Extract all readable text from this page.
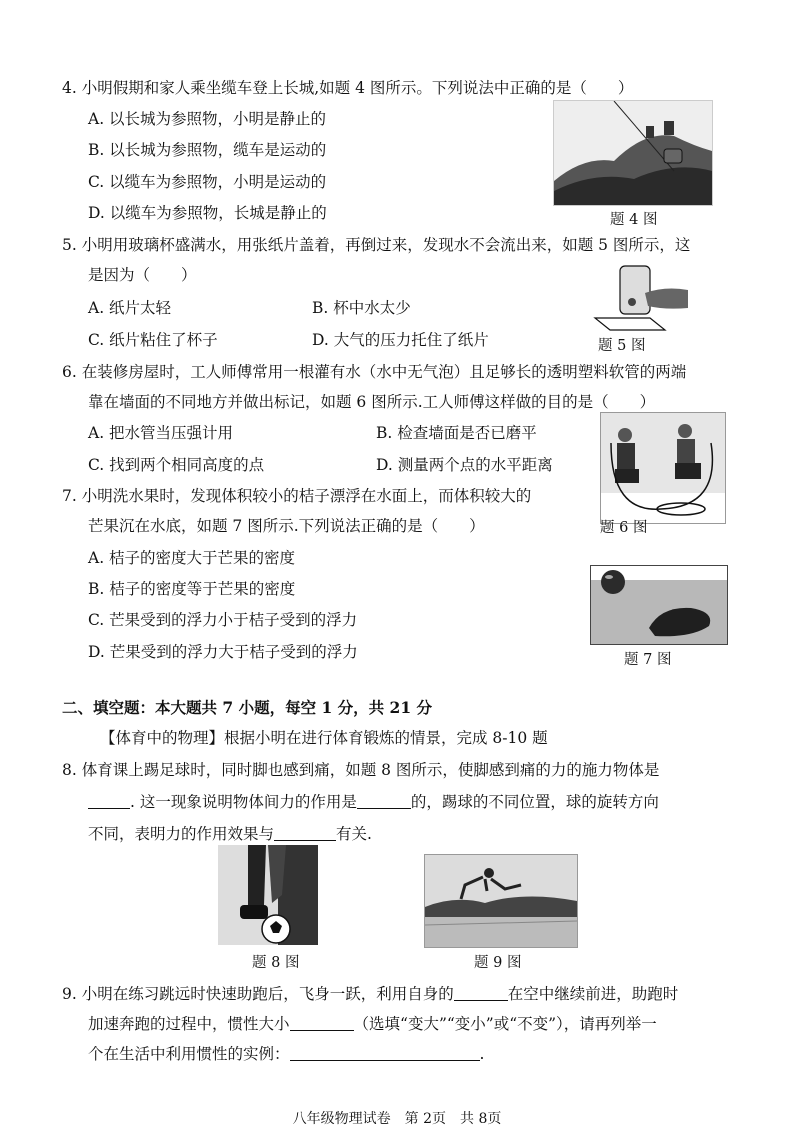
4. 小明假期和家人乘坐缆车登上长城,如题 4 图所示。下列说法中正确的是（　　）
A. 以长城为参照物，小明是静止的
B. 以长城为参照物，缆车是运动的
C. 以缆车为参照物，小明是运动的
D. 以缆车为参照物，长城是静止的	题 4 图
5. 小明用玻璃杯盛满水，用张纸片盖着，再倒过来，发现水不会流出来，如题 5 图所示，这
是因为（　　）
A. 纸片太轻	B. 杯中水太少
C. 纸片粘住了杯子	D. 大气的压力托住了纸片	题 5 图
6. 在装修房屋时，工人师傅常用一根灌有水（水中无气泡）且足够长的透明塑料软管的两端
靠在墙面的不同地方并做出标记，如题 6 图所示.工人师傅这样做的目的是（　　）
A. 把水管当压强计用	B. 检查墙面是否已磨平
C. 找到两个相同高度的点	D. 测量两个点的水平距离
7. 小明洗水果时，发现体积较小的桔子漂浮在水面上，而体积较大的
题 6 图
芒果沉在水底，如题 7 图所示.下列说法正确的是（　　）
A. 桔子的密度大于芒果的密度
B. 桔子的密度等于芒果的密度
C. 芒果受到的浮力小于桔子受到的浮力
D. 芒果受到的浮力大于桔子受到的浮力	题 7 图
二、填空题：本大题共 7 小题，每空 1 分，共 21 分
【体育中的物理】根据小明在进行体育锻炼的情景，完成 8-10 题
8. 体育课上踢足球时，同时脚也感到痛，如题 8 图所示，使脚感到痛的力的施力物体是
. 这一现象说明物体间力的作用是	的，踢球的不同位置，球的旋转方向
不同，表明力的作用效果与	有关.
题 8 图	题 9 图
9. 小明在练习跳远时快速助跑后，飞身一跃，利用自身的	在空中继续前进，助跑时
加速奔跑的过程中，惯性大小	（选填“变大”“变小”或“不变”），请再列举一
个在生活中利用惯性的实例：	.
八年级物理试卷　第 2页　共 8页
